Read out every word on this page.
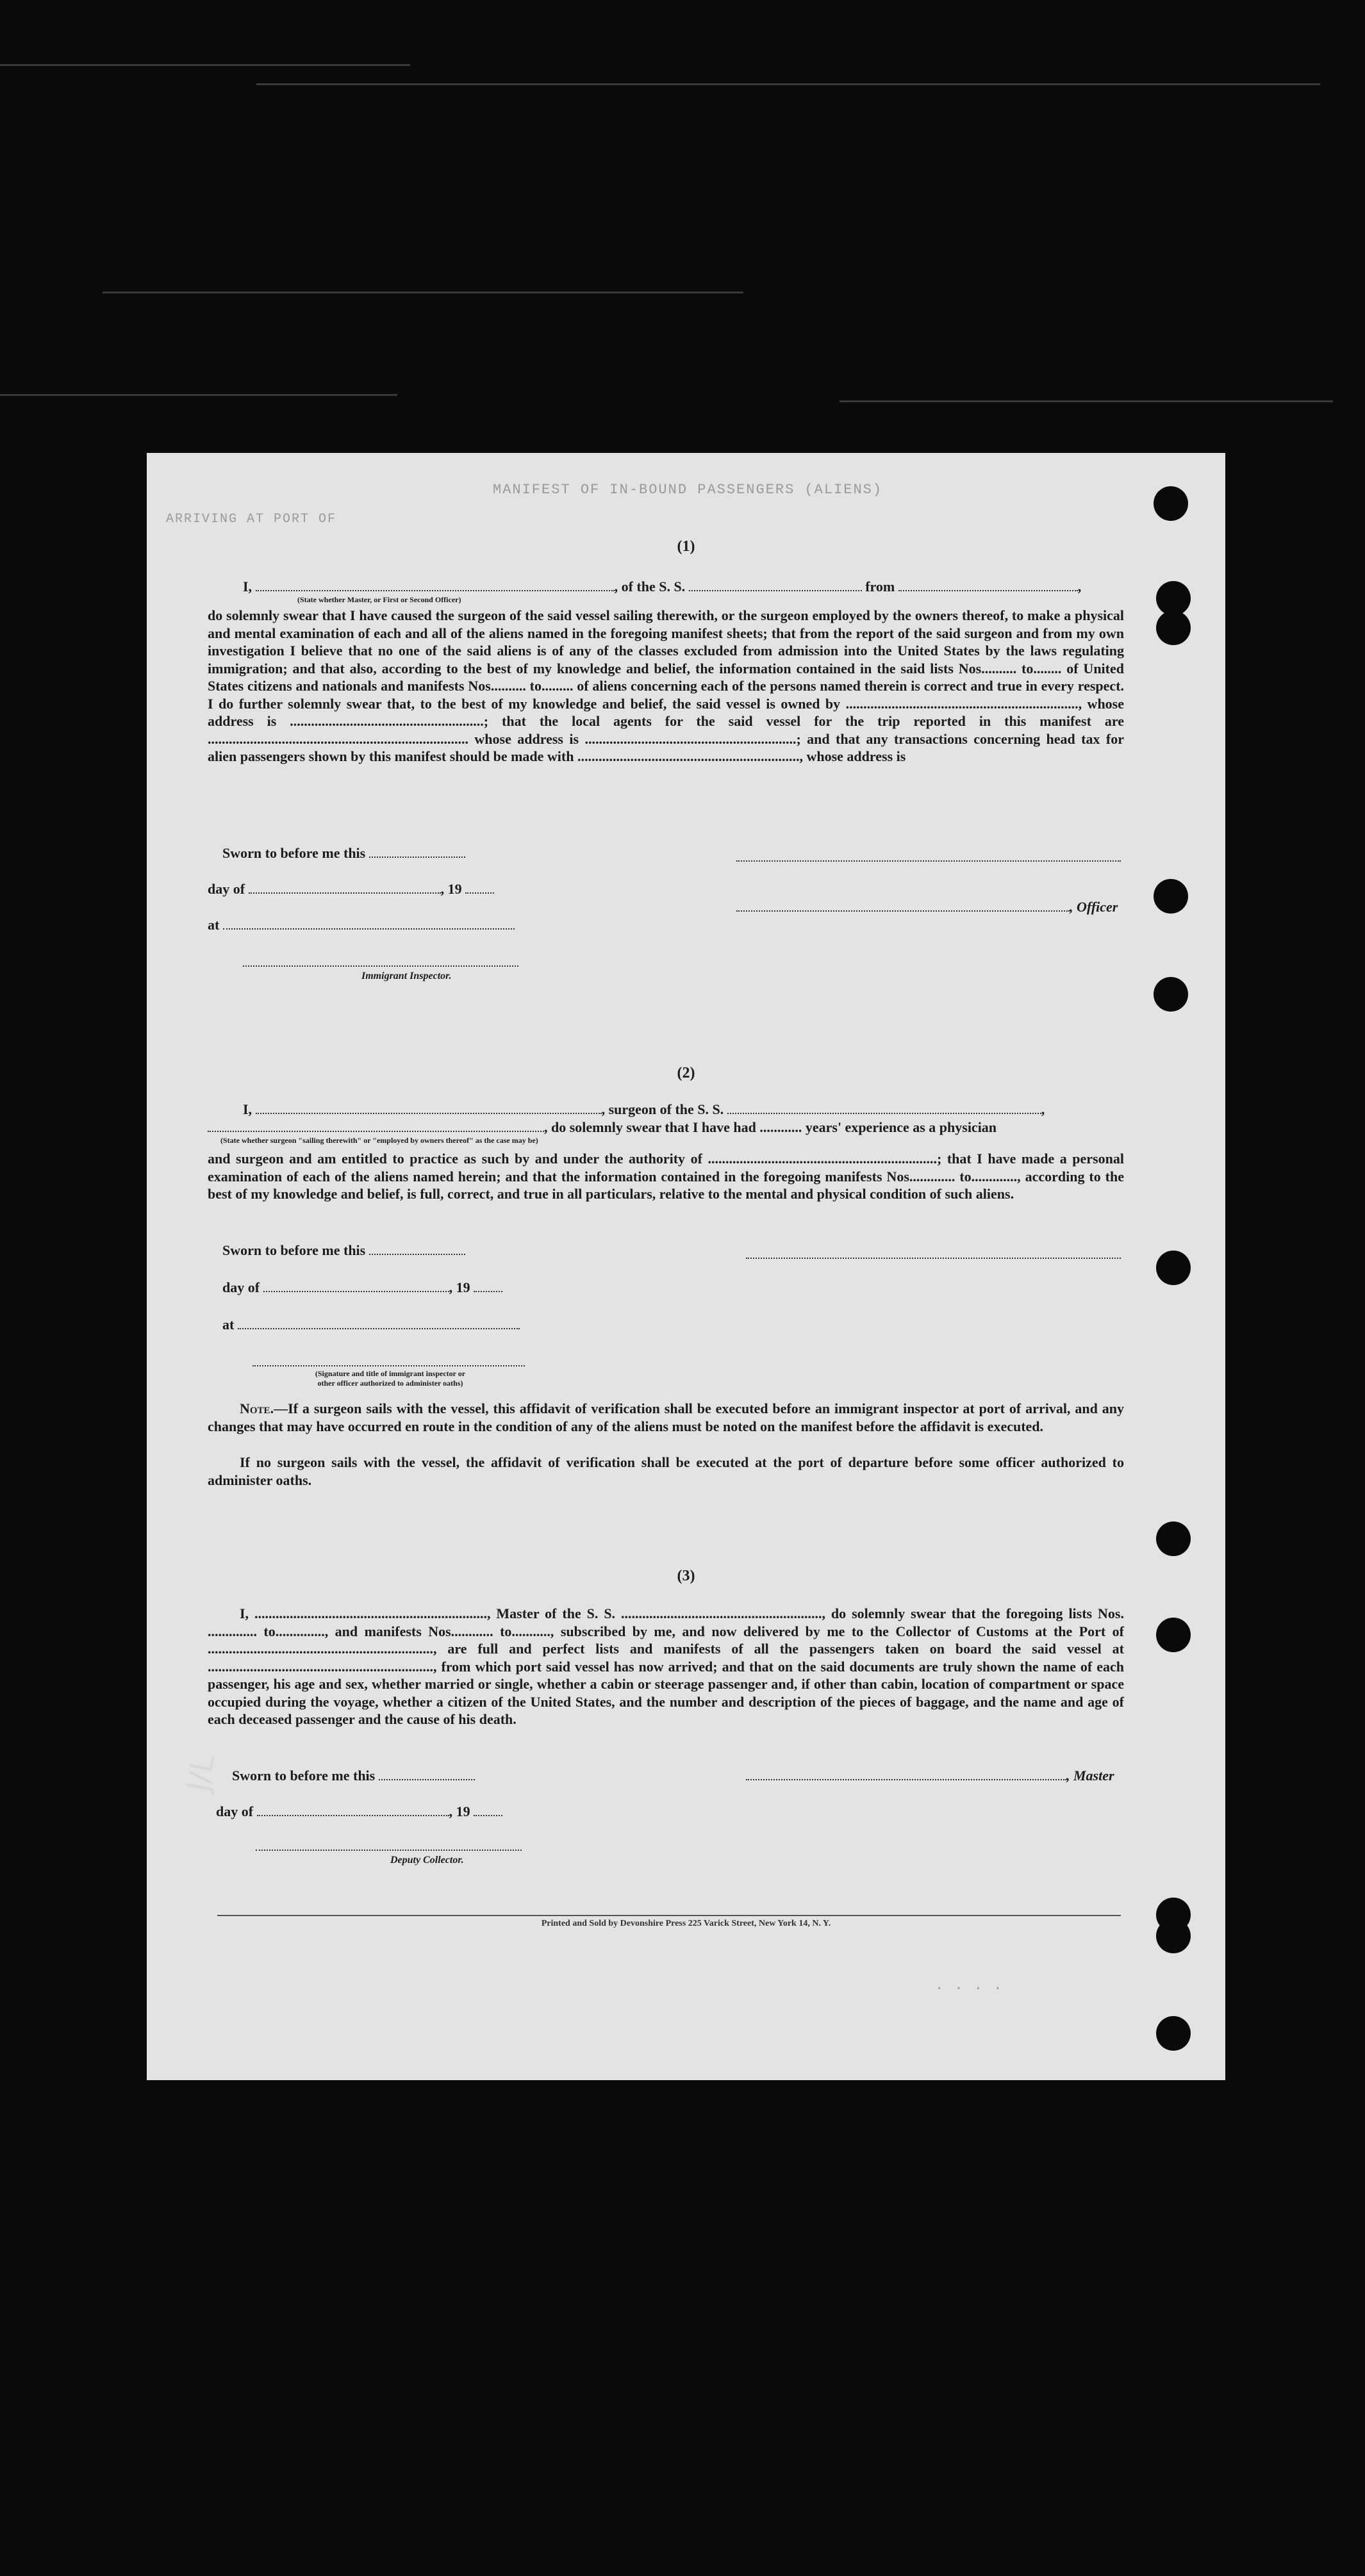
MANIFEST OF IN-BOUND PASSENGERS (ALIENS)
ARRIVING AT PORT OF
(1)
I,	, of the S. S.	from	,
(State whether Master, or First or Second Officer)
do solemnly swear that I have caused the surgeon of the said vessel sailing therewith, or the surgeon employed by the owners thereof, to make a physical and mental examination of each and all of the aliens named in the foregoing manifest sheets; that from the report of the said surgeon and from my own investigation I believe that no one of the said aliens is of any of the classes excluded from admission into the United States by the laws regulating immigration; and that also, according to the best of my knowledge and belief, the information contained in the said lists Nos.......... to........ of United States citizens and nationals and manifests Nos.......... to......... of aliens concerning each of the persons named therein is correct and true in every respect. I do further solemnly swear that, to the best of my knowledge and belief, the said vessel is owned by .................................................................., whose address is .......................................................; that the local agents for the said vessel for the trip reported in this manifest are .......................................................................... whose address is ............................................................; and that any transactions concerning head tax for alien passengers shown by this manifest should be made with ..............................................................., whose address is
Sworn to before me this
day of	, 19
, Officer
at
Immigrant Inspector.
(2)
I,	, surgeon of the S. S.	,
, do solemnly swear that I have had ............ years' experience as a physician
(State whether surgeon "sailing therewith" or "employed by owners thereof" as the case may be)
and surgeon and am entitled to practice as such by and under the authority of .................................................................; that I have made a personal examination of each of the aliens named herein; and that the information contained in the foregoing manifests Nos............. to............., according to the best of my knowledge and belief, is full, correct, and true in all particulars, relative to the mental and physical condition of such aliens.
Sworn to before me this
day of	, 19
at
(Signature and title of immigrant inspector or
other officer authorized to administer oaths)
Note.—If a surgeon sails with the vessel, this affidavit of verification shall be executed before an immigrant inspector at port of arrival, and any changes that may have occurred en route in the condition of any of the aliens must be noted on the manifest before the affidavit is executed.
If no surgeon sails with the vessel, the affidavit of verification shall be executed at the port of departure before some officer authorized to administer oaths.
(3)
I, .................................................................., Master of the S. S. ........................................................., do solemnly swear that the foregoing lists Nos. .............. to.............., and manifests Nos............ to..........., subscribed by me, and now delivered by me to the Collector of Customs at the Port of ................................................................, are full and perfect lists and manifests of all the passengers taken on board the said vessel at ................................................................, from which port said vessel has now arrived; and that on the said documents are truly shown the name of each passenger, his age and sex, whether married or single, whether a cabin or steerage passenger and, if other than cabin, location of compartment or space occupied during the voyage, whether a citizen of the United States, and the number and description of the pieces of baggage, and the name and age of each deceased passenger and the cause of his death.
Sworn to before me this	, Master
day of	, 19
Deputy Collector.
Printed and Sold by Devonshire Press 225 Varick Street, New York 14, N. Y.
. . . .
J/L
